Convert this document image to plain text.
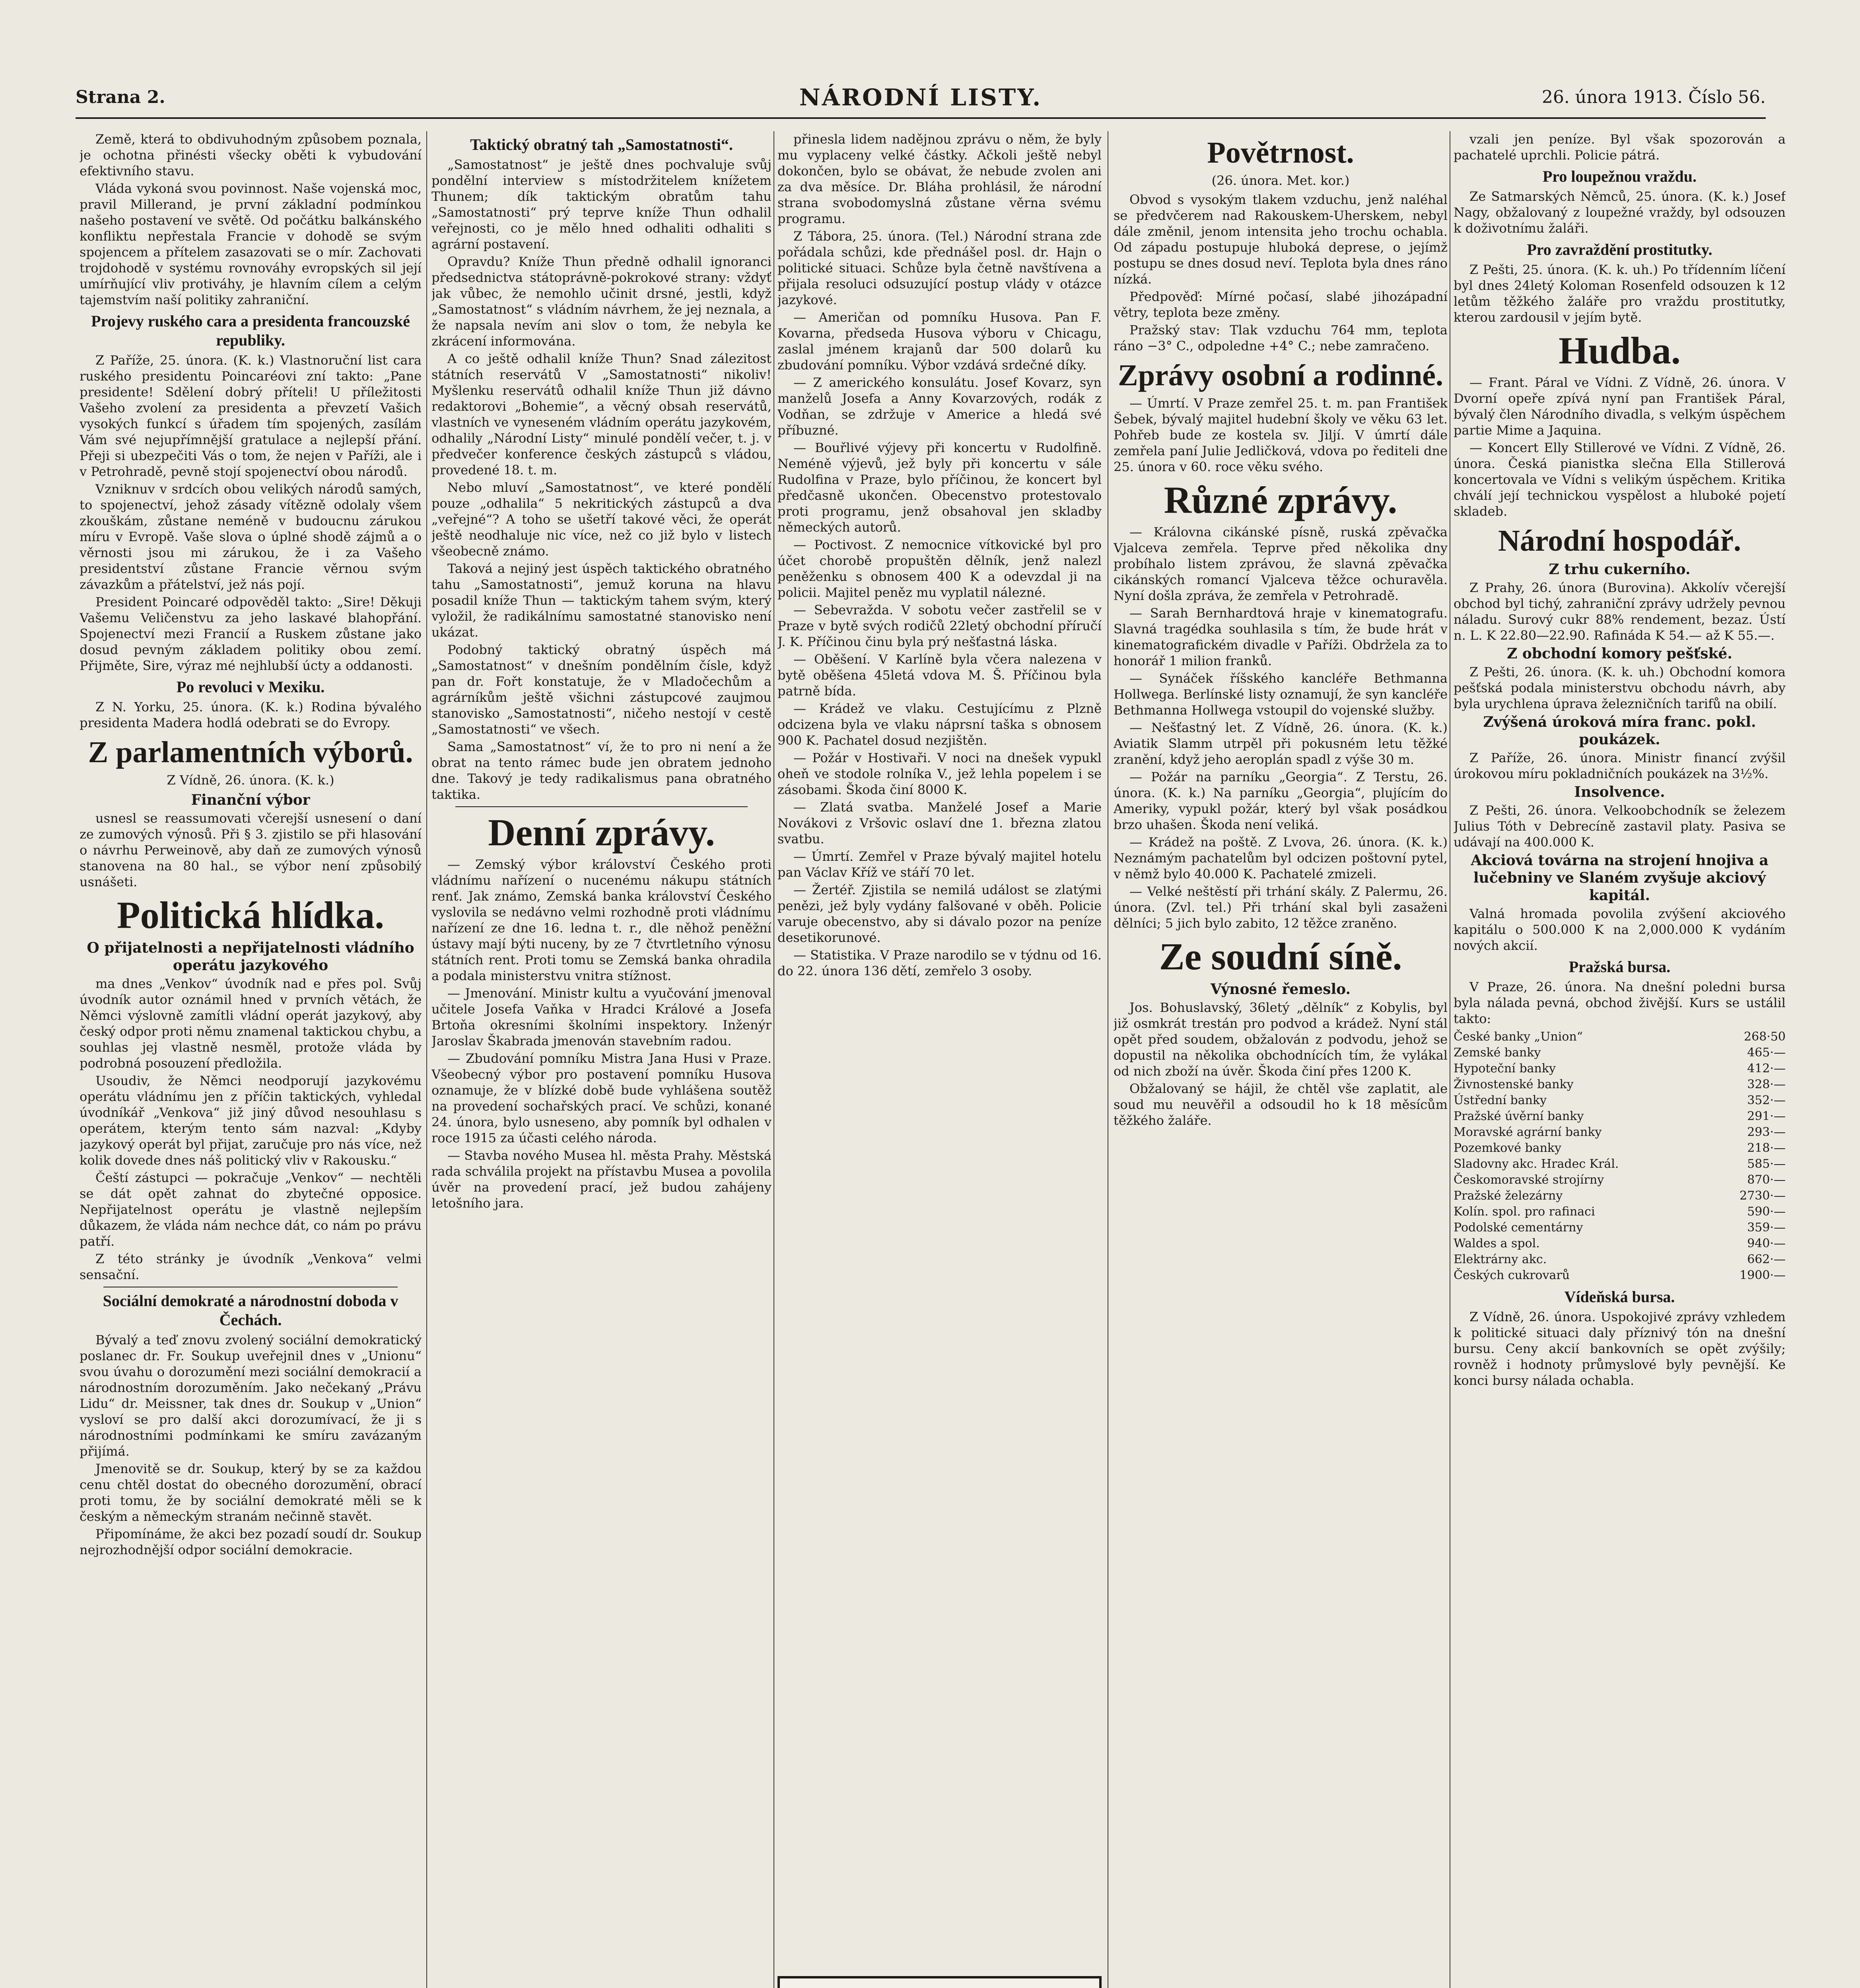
Strana 2.	NÁRODNÍ LISTY.	26. února 1913. Číslo 56.

Země, která to obdivuhodným způsobem poznala, je ochotna přinésti všecky oběti k vybudování efektivního stavu.

Vláda vykoná svou povinnost. Naše vojenská moc, pravil Millerand, je první základní podmínkou našeho postavení ve světě. Od počátku balkánského konfliktu nepřestala Francie v dohodě se svým spojencem a přítelem zasazovati se o mír. Zachovati trojdohodě v systému rovnováhy evropských sil její umírňující vliv protiváhy, je hlavním cílem a celým tajemstvím naší politiky zahraniční.

Projevy ruského cara a presidenta francouzské republiky.

Z Paříže, 25. února. (K. k.) Vlastnoruční list cara ruského presidentu Poincaréovi zní takto: „Pane presidente! Sdělení dobrý příteli! U příležitosti Vašeho zvolení za presidenta a převzetí Vašich vysokých funkcí s úřadem tím spojených, zasílám Vám své nejupřímnější gratulace a nejlepší přání. Přeji si ubezpečiti Vás o tom, že nejen v Paříži, ale i v Petrohradě, pevně stojí spojenectví obou národů.

Vzniknuv v srdcích obou velikých národů samých, to spojenectví, jehož zásady vítězně odolaly všem zkouškám, zůstane neméně v budoucnu zárukou míru v Evropě. Vaše slova o úplné shodě zájmů a o věrnosti jsou mi zárukou, že i za Vašeho presidentství zůstane Francie věrnou svým závazkům a přátelství, jež nás pojí.

President Poincaré odpověděl takto: „Sire! Děkuji Vašemu Veličenstvu za jeho laskavé blahopřání. Spojenectví mezi Francií a Ruskem zůstane jako dosud pevným základem politiky obou zemí. Přijměte, Sire, výraz mé nejhlubší úcty a oddanosti.

Po revoluci v Mexiku.

Z N. Yorku, 25. února. (K. k.) Rodina bývalého presidenta Madera hodlá odebrati se do Evropy.

Z parlamentních výborů.
Z Vídně, 26. února. (K. k.)
Finanční výbor

usnesl se reassumovati včerejší usnesení o daní ze zumových výnosů. Při § 3. zjistilo se při hlasování o návrhu Perweinově, aby daň ze zumových výnosů stanovena na 80 hal., se výbor není způsobilý usnášeti.

Politická hlídka.
O přijatelnosti a nepřijatelnosti vládního operátu jazykového

ma dnes „Venkov“ úvodník nad e přes pol. Svůj úvodník autor oznámil hned v prvních větách, že Němci výslovně zamítli vládní operát jazykový, aby český odpor proti němu znamenal taktickou chybu, a souhlas jej vlastně nesměl, protože vláda by podrobná posouzení předložila.

Usoudiv, že Němci neodporují jazykovému operátu vládnímu jen z příčin taktických, vyhledal úvodníkář „Venkova“ již jiný důvod nesouhlasu s operátem, kterým tento sám nazval: „Kdyby jazykový operát byl přijat, zaručuje pro nás více, než kolik dovede dnes náš politický vliv v Rakousku.“

Čeští zástupci — pokračuje „Venkov“ — nechtěli se dát opět zahnat do zbytečné opposice. Nepřijatelnost operátu je vlastně nejlepším důkazem, že vláda nám nechce dát, co nám po právu patří.

Z této stránky je úvodník „Venkova“ velmi sensační.

Sociální demokraté a národnostní doboda v Čechách.

Bývalý a teď znovu zvolený sociální demokratický poslanec dr. Fr. Soukup uveřejnil dnes v „Unionu“ svou úvahu o dorozumění mezi sociální demokracií a národnostním dorozuměním. Jako nečekaný „Právu Lidu“ dr. Meissner, tak dnes dr. Soukup v „Union“ vysloví se pro další akci dorozumívací, že ji s národnostními podmínkami ke smíru zavázaným přijímá.

Jmenovitě se dr. Soukup, který by se za každou cenu chtěl dostat do obecného dorozumění, obrací proti tomu, že by sociální demokraté měli se k českým a německým stranám nečinně stavět.

Připomínáme, že akci bez pozadí soudí dr. Soukup nejrozhodnější odpor sociální demokracie.

Taktický obratný tah „Samostatnosti“.

„Samostatnost“ je ještě dnes pochvaluje svůj pondělní interview s místodržitelem knížetem Thunem; dík taktickým obratům tahu „Samostatnosti“ prý teprve kníže Thun odhalil veřejnosti, co je mělo hned odhaliti odhaliti s agrární postavení.

Opravdu? Kníže Thun předně odhalil ignoranci předsednictva státoprávně-pokrokové strany: vždyť jak vůbec, že nemohlo učinit drsné, jestli, když „Samostatnost“ s vládním návrhem, že jej neznala, a že napsala nevím ani slov o tom, že nebyla ke zkrácení informována.

A co ještě odhalil kníže Thun? Snad zálezitost státních reservátů V „Samostatnosti“ nikoliv! Myšlenku reservátů odhalil kníže Thun již dávno redaktorovi „Bohemie“, a věcný obsah reservátů, vlastních ve vyneseném vládním operátu jazykovém, odhalily „Národní Listy“ minulé pondělí večer, t. j. v předvečer konference českých zástupců s vládou, provedené 18. t. m.

Nebo mluví „Samostatnost“, ve které pondělí pouze „odhalila“ 5 nekritických zástupců a dva „veřejné“? A toho se ušetří takové věci, že operát ještě neodhaluje nic více, než co již bylo v listech všeobecně známo.

Taková a nejiný jest úspěch taktického obratného tahu „Samostatnosti“, jemuž koruna na hlavu posadil kníže Thun — taktickým tahem svým, který vyložil, že radikálnímu samostatné stanovisko není ukázat.

Podobný taktický obratný úspěch má „Samostatnost“ v dnešním pondělním čísle, když pan dr. Fořt konstatuje, že v Mladočechům a agrárníkům ještě všichni zástupcové zaujmou stanovisko „Samostatnosti“, ničeho nestojí v cestě „Samostatnosti“ ve všech.

Sama „Samostatnost“ ví, že to pro ni není a že obrat na tento rámec bude jen obratem jednoho dne. Takový je tedy radikalismus pana obratného taktika.

Denní zprávy.

— Zemský výbor království Českého proti vládnímu nařízení o nucenému nákupu státních renť. Jak známo, Zemská banka království Českého vyslovila se nedávno velmi rozhodně proti vládnímu nařízení ze dne 16. ledna t. r., dle něhož peněžní ústavy mají býti nuceny, by ze 7 čtvrtletního výnosu státních rent. Proti tomu se Zemská banka ohradila a podala ministerstvu vnitra stížnost.

— Jmenování. Ministr kultu a vyučování jmenoval učitele Josefa Vaňka v Hradci Králové a Josefa Brtoňa okresními školními inspektory. Inženýr Jaroslav Škabrada jmenován stavebním radou.

— Zbudování pomníku Mistra Jana Husi v Praze. Všeobecný výbor pro postavení pomníku Husova oznamuje, že v blízké době bude vyhlášena soutěž na provedení sochařských prací. Ve schůzi, konané 24. února, bylo usneseno, aby pomník byl odhalen v roce 1915 za účasti celého národa.

— Stavba nového Musea hl. města Prahy. Městská rada schválila projekt na přístavbu Musea a povolila úvěr na provedení prací, jež budou zahájeny letošního jara.

přinesla lidem nadějnou zprávu o něm, že byly mu vyplaceny velké částky. Ačkoli ještě nebyl dokončen, bylo se obávat, že nebude zvolen ani za dva měsíce. Dr. Bláha prohlásil, že národní strana svobodomyslná zůstane věrna svému programu.

Z Tábora, 25. února. (Tel.) Národní strana zde pořádala schůzi, kde přednášel posl. dr. Hajn o politické situaci. Schůze byla četně navštívena a přijala resoluci odsuzující postup vlády v otázce jazykové.

— Američan od pomníku Husova. Pan F. Kovarna, předseda Husova výboru v Chicagu, zaslal jménem krajanů dar 500 dolarů ku zbudování pomníku. Výbor vzdává srdečné díky.

— Z amerického konsulátu. Josef Kovarz, syn manželů Josefa a Anny Kovarzových, rodák z Vodňan, se zdržuje v Americe a hledá své příbuzné.

— Bouřlivé výjevy při koncertu v Rudolfině. Neméně výjevů, jež byly při koncertu v sále Rudolfina v Praze, bylo příčinou, že koncert byl předčasně ukončen. Obecenstvo protestovalo proti programu, jenž obsahoval jen skladby německých autorů.

— Poctivost. Z nemocnice vítkovické byl pro účet chorobě propuštěn dělník, jenž nalezl peněženku s obnosem 400 K a odevzdal ji na policii. Majitel peněz mu vyplatil nálezné.

— Sebevražda. V sobotu večer zastřelil se v Praze v bytě svých rodičů 22letý obchodní příručí J. K. Příčinou činu byla prý nešťastná láska.

— Oběšení. V Karlíně byla včera nalezena v bytě oběšena 45letá vdova M. Š. Příčinou byla patrně bída.

— Krádež ve vlaku. Cestujícímu z Plzně odcizena byla ve vlaku náprsní taška s obnosem 900 K. Pachatel dosud nezjištěn.

— Požár v Hostivaři. V noci na dnešek vypukl oheň ve stodole rolníka V., jež lehla popelem i se zásobami. Škoda činí 8000 K.

— Zlatá svatba. Manželé Josef a Marie Novákovi z Vršovic oslaví dne 1. března zlatou svatbu.

— Úmrtí. Zemřel v Praze bývalý majitel hotelu pan Václav Kříž ve stáří 70 let.

— Žertéř. Zjistila se nemilá událost se zlatými penězi, jež byly vydány falšované v oběh. Policie varuje obecenstvo, aby si dávalo pozor na peníze desetikorunové.

— Statistika. V Praze narodilo se v týdnu od 16. do 22. února 136 dětí, zemřelo 3 osoby.

Povětrnost.
(26. února. Met. kor.)

Obvod s vysokým tlakem vzduchu, jenž naléhal se předvčerem nad Rakouskem-Uherskem, nebyl dále změnil, jenom intensita jeho trochu ochabla. Od západu postupuje hluboká deprese, o jejímž postupu se dnes dosud neví. Teplota byla dnes ráno nízká.

Předpověď: Mírné počasí, slabé jihozápadní větry, teplota beze změny.

Pražský stav: Tlak vzduchu 764 mm, teplota ráno −3° C., odpoledne +4° C.; nebe zamračeno.

Zprávy osobní a rodinné.

— Úmrtí. V Praze zemřel 25. t. m. pan František Šebek, bývalý majitel hudební školy ve věku 63 let. Pohřeb bude ze kostela sv. Jiljí. V úmrtí dále zemřela paní Julie Jedličková, vdova po řediteli dne 25. února v 60. roce věku svého.

Různé zprávy.

— Královna cikánské písně, ruská zpěvačka Vjalceva zemřela. Teprve před několika dny probíhalo listem zprávou, že slavná zpěvačka cikánských romancí Vjalceva těžce ochuravěla. Nyní došla zpráva, že zemřela v Petrohradě.

— Sarah Bernhardtová hraje v kinematografu. Slavná tragédka souhlasila s tím, že bude hrát v kinematografickém divadle v Paříži. Obdržela za to honorář 1 milion franků.

— Synáček říšského kancléře Bethmanna Hollwega. Berlínské listy oznamují, že syn kancléře Bethmanna Hollwega vstoupil do vojenské služby.

— Nešťastný let. Z Vídně, 26. února. (K. k.) Aviatik Slamm utrpěl při pokusném letu těžké zranění, když jeho aeroplán spadl z výše 30 m.

— Požár na parníku „Georgia“. Z Terstu, 26. února. (K. k.) Na parníku „Georgia“, plujícím do Ameriky, vypukl požár, který byl však posádkou brzo uhašen. Škoda není veliká.

— Krádež na poště. Z Lvova, 26. února. (K. k.) Neznámým pachatelům byl odcizen poštovní pytel, v němž bylo 40.000 K. Pachatelé zmizeli.

— Velké neštěstí při trhání skály. Z Palermu, 26. února. (Zvl. tel.) Při trhání skal byli zasaženi dělníci; 5 jich bylo zabito, 12 těžce zraněno.

Ze soudní síně.
Výnosné řemeslo.

Jos. Bohuslavský, 36letý „dělník“ z Kobylis, byl již osmkrát trestán pro podvod a krádež. Nyní stál opět před soudem, obžalován z podvodu, jehož se dopustil na několika obchodnících tím, že vylákal od nich zboží na úvěr. Škoda činí přes 1200 K.

Obžalovaný se hájil, že chtěl vše zaplatit, ale soud mu neuvěřil a odsoudil ho k 18 měsícům těžkého žaláře.

vzali jen peníze. Byl však spozorován a pachatelé uprchli. Policie pátrá.

Pro loupežnou vraždu.

Ze Satmarských Němců, 25. února. (K. k.) Josef Nagy, obžalovaný z loupežné vraždy, byl odsouzen k doživotnímu žaláři.

Pro zavraždění prostitutky.

Z Pešti, 25. února. (K. k. uh.) Po třídenním líčení byl dnes 24letý Koloman Rosenfeld odsouzen k 12 letům těžkého žaláře pro vraždu prostitutky, kterou zardousil v jejím bytě.

Hudba.

— Frant. Páral ve Vídni. Z Vídně, 26. února. V Dvorní opeře zpívá nyní pan František Páral, bývalý člen Národního divadla, s velkým úspěchem partie Mime a Jaquina.

— Koncert Elly Stillerové ve Vídni. Z Vídně, 26. února. Česká pianistka slečna Ella Stillerová koncertovala ve Vídni s velikým úspěchem. Kritika chválí její technickou vyspělost a hluboké pojetí skladeb.

Národní hospodář.
Z trhu cukerního.

Z Prahy, 26. února (Burovina). Akkolív včerejší obchod byl tichý, zahraniční zprávy udržely pevnou náladu. Surový cukr 88% rendement, bezaz. Ústí n. L. K 22.80—22.90. Rafináda K 54.— až K 55.—.

Z obchodní komory pešťské.

Z Pešti, 26. února. (K. k. uh.) Obchodní komora pešťská podala ministerstvu obchodu návrh, aby byla urychlena úprava železničních tarifů na obilí.

Zvýšená úroková míra franc. pokl. poukázek.

Z Paříže, 26. února. Ministr financí zvýšil úrokovou míru pokladničních poukázek na 3½%.

Insolvence.

Z Pešti, 26. února. Velkoobchodník se železem Julius Tóth v Debrecíně zastavil platy. Pasiva se udávají na 400.000 K.

Akciová továrna na strojení hnojiva a lučebniny ve Slaném zvyšuje akciový kapitál.

Valná hromada povolila zvýšení akciového kapitálu o 500.000 K na 2,000.000 K vydáním nových akcií.

Pražská bursa.

V Praze, 26. února. Na dnešní poledni bursa byla nálada pevná, obchod živější. Kurs se ustálil takto:

České banky „Union“	268·50
Zemské banky	465·—
Hypoteční banky	412·—
Živnostenské banky	328·—
Ústřední banky	352·—
Pražské úvěrní banky	291·—
Moravské agrární banky	293·—
Pozemkové banky	218·—
Sladovny akc. Hradec Král.	585·—
Českomoravské strojírny	870·—
Pražské železárny	2730·—
Kolín. spol. pro rafinaci	590·—
Podolské cementárny	359·—
Waldes a spol.	940·—
Elektrárny akc.	662·—
Českých cukrovarů	1900·—
Vídeňská bursa.

Z Vídně, 26. února. Uspokojivé zprávy vzhledem k politické situaci daly příznivý tón na dnešní bursu. Ceny akcií bankovních se opět zvýšily; rovněž i hodnoty průmyslové byly pevnější. Ke konci bursy nálada ochabla.
